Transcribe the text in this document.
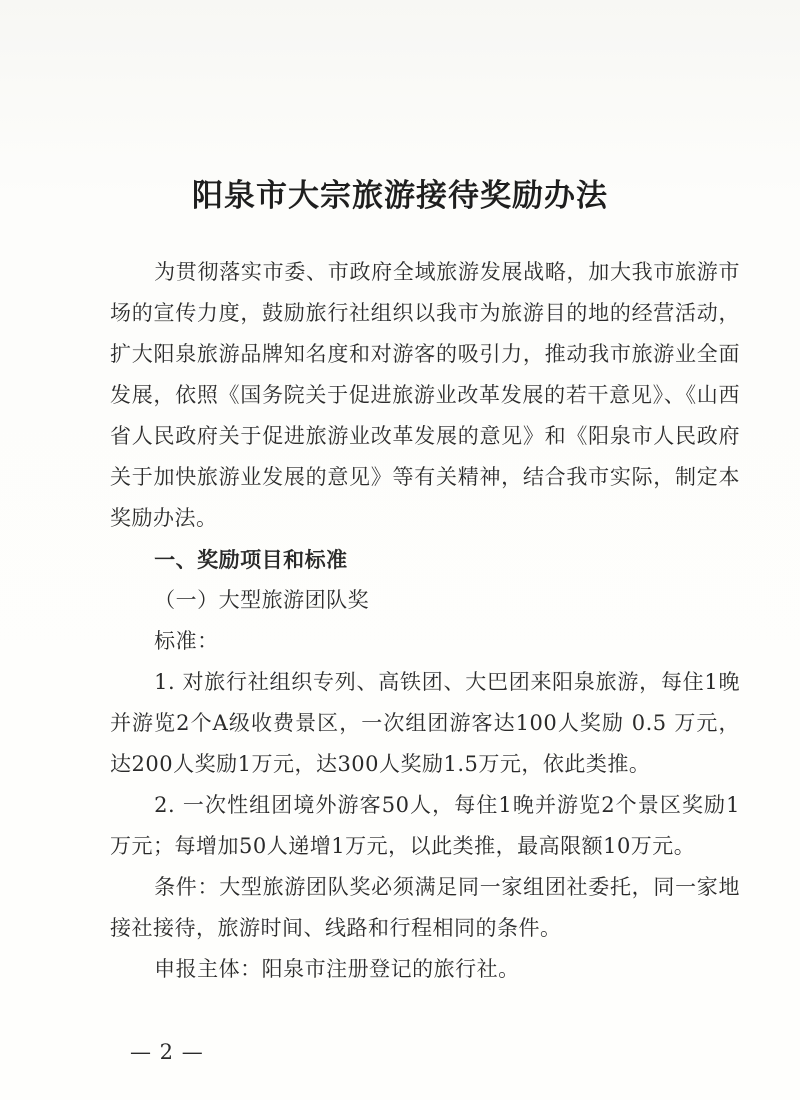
阳泉市大宗旅游接待奖励办法

为贯彻落实市委、市政府全域旅游发展战略，加大我市旅游市场的宣传力度，鼓励旅行社组织以我市为旅游目的地的经营活动，扩大阳泉旅游品牌知名度和对游客的吸引力，推动我市旅游业全面发展，依照《国务院关于促进旅游业改革发展的若干意见》、《山西省人民政府关于促进旅游业改革发展的意见》和《阳泉市人民政府关于加快旅游业发展的意见》等有关精神，结合我市实际，制定本奖励办法。

一、奖励项目和标准

（一）大型旅游团队奖

标准：

1. 对旅行社组织专列、高铁团、大巴团来阳泉旅游，每住1晚并游览2个A级收费景区，一次组团游客达100人奖励 0.5 万元，达200人奖励1万元，达300人奖励1.5万元，依此类推。

2. 一次性组团境外游客50人，每住1晚并游览2个景区奖励1万元；每增加50人递增1万元，以此类推，最高限额10万元。

条件：大型旅游团队奖必须满足同一家组团社委托，同一家地接社接待，旅游时间、线路和行程相同的条件。

申报主体：阳泉市注册登记的旅行社。

— 2 —
